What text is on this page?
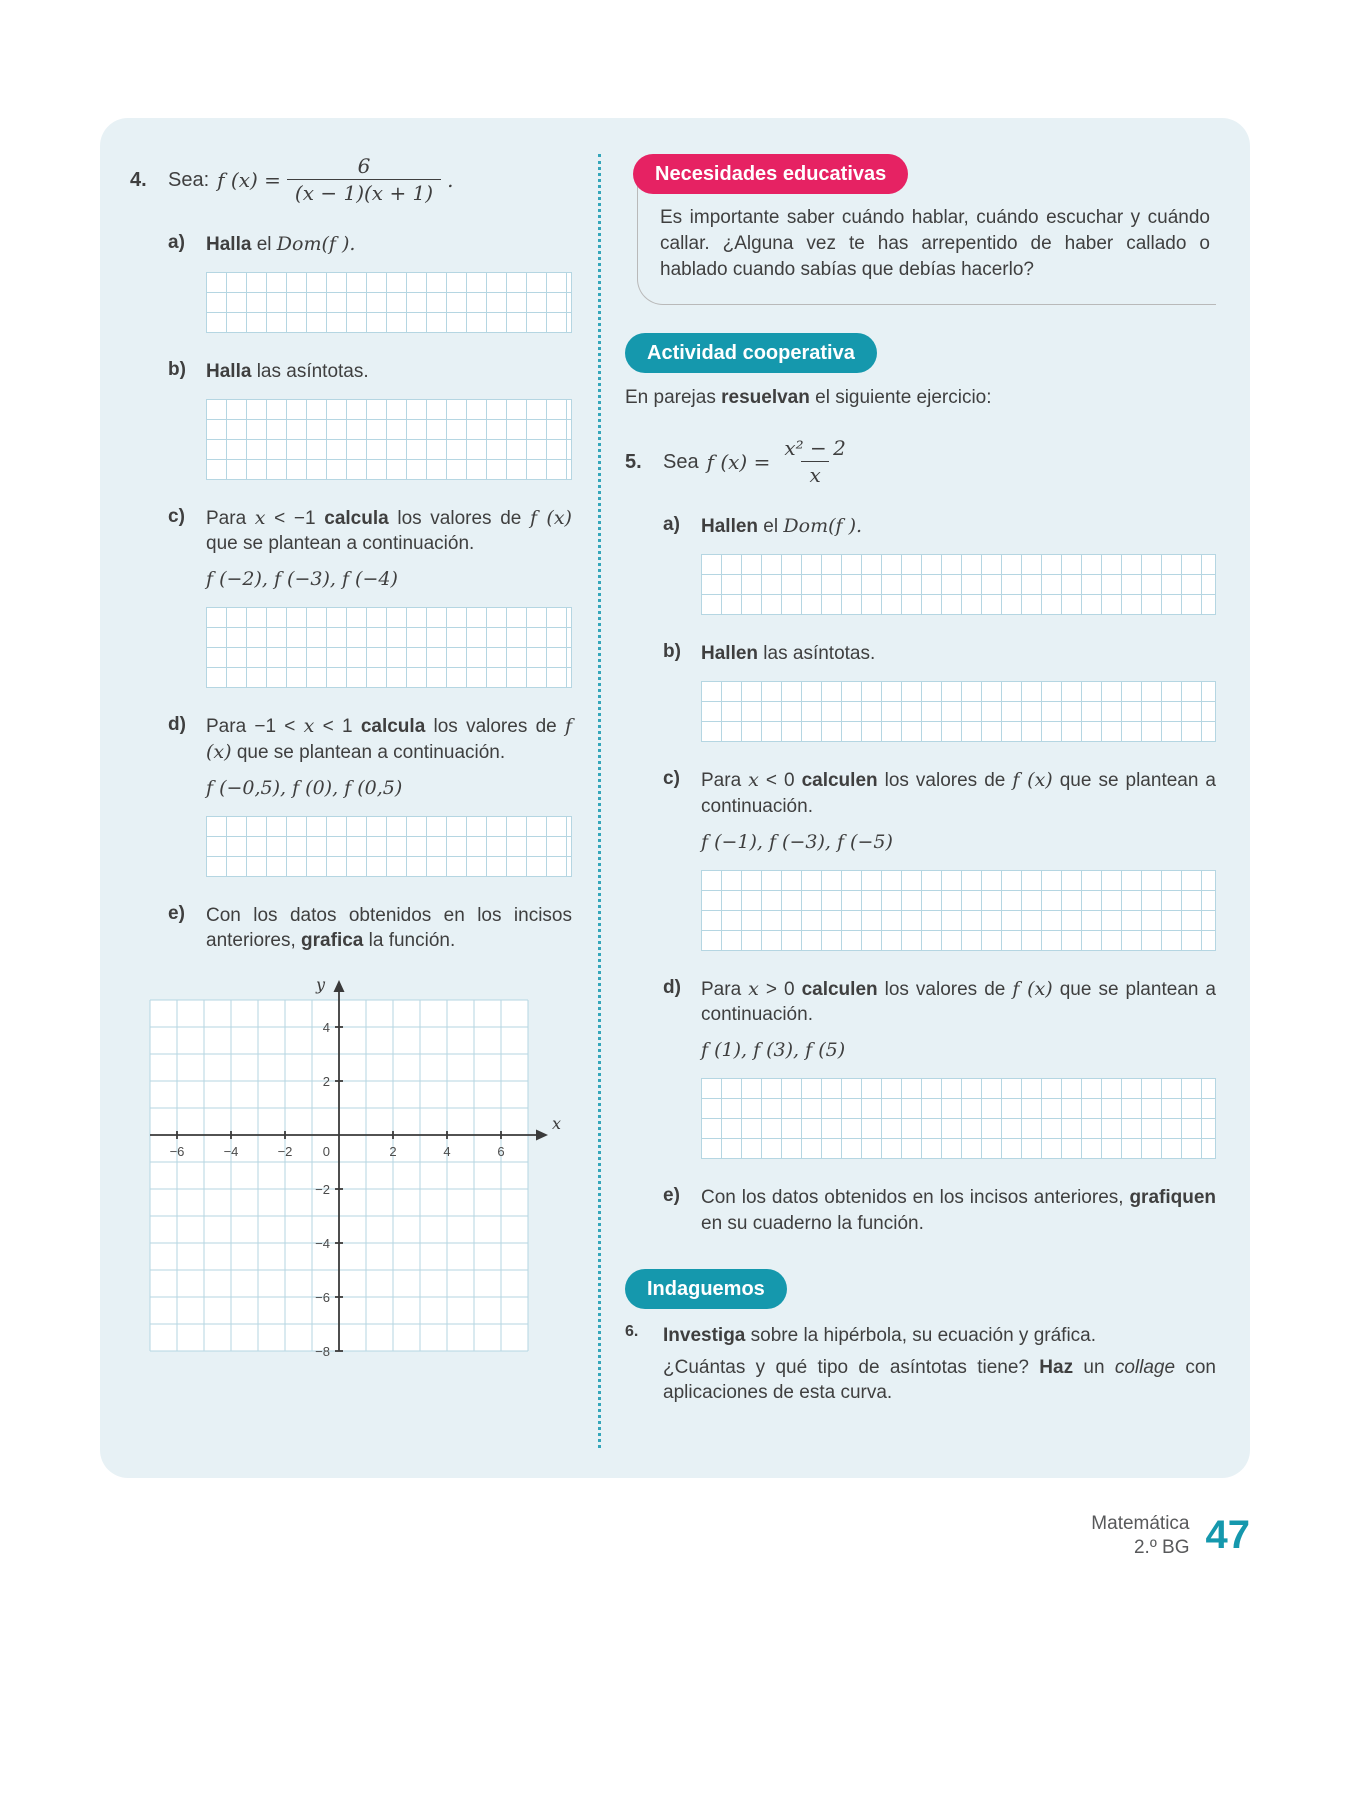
4.	Sea: f $(x) = \frac{6}{(x - 1)(x + 1)}$ .
a)	Halla el Dom(f ).

b)	Halla las asíntotas.

c)	Para x < −1 calcula los valores de f (x) que se plantean a continuación.

f (−2), f (−3), f (−4)

d)	Para −1 < x < 1 calcula los valores de f (x) que se plantean a continuación.

f (−0,5), f (0), f (0,5)

e)	Con los datos obtenidos en los incisos anteriores, grafica la función.

−6	−4	−2	2	4	6
4
2
−2
−4
−6
−8
0
x
y
Necesidades educativas
Es importante saber cuándo hablar, cuándo escuchar y cuándo callar. ¿Alguna vez te has arrepentido de haber callado o hablado cuando sabías que debías hacerlo?
Actividad cooperativa

En parejas resuelvan el siguiente ejercicio:

5.	Sea f $(x) = \frac{\text{x² − 2}}{x}$
a)	Hallen el Dom(f ).

b)	Hallen las asíntotas.

c)	Para x < 0 calculen los valores de f (x) que se plantean a continuación.

f (−1), f (−3), f (−5)

d)	Para x > 0 calculen los valores de f (x) que se plantean a continuación.

f (1), f (3), f (5)

e)	Con los datos obtenidos en los incisos anteriores, grafiquen en su cuaderno la función.

Indaguemos
6.	Investiga sobre la hipérbola, su ecuación y gráfica.

¿Cuántas y qué tipo de asíntotas tiene? Haz un collage con aplicaciones de esta curva.

Matemática
2.º BG 47
